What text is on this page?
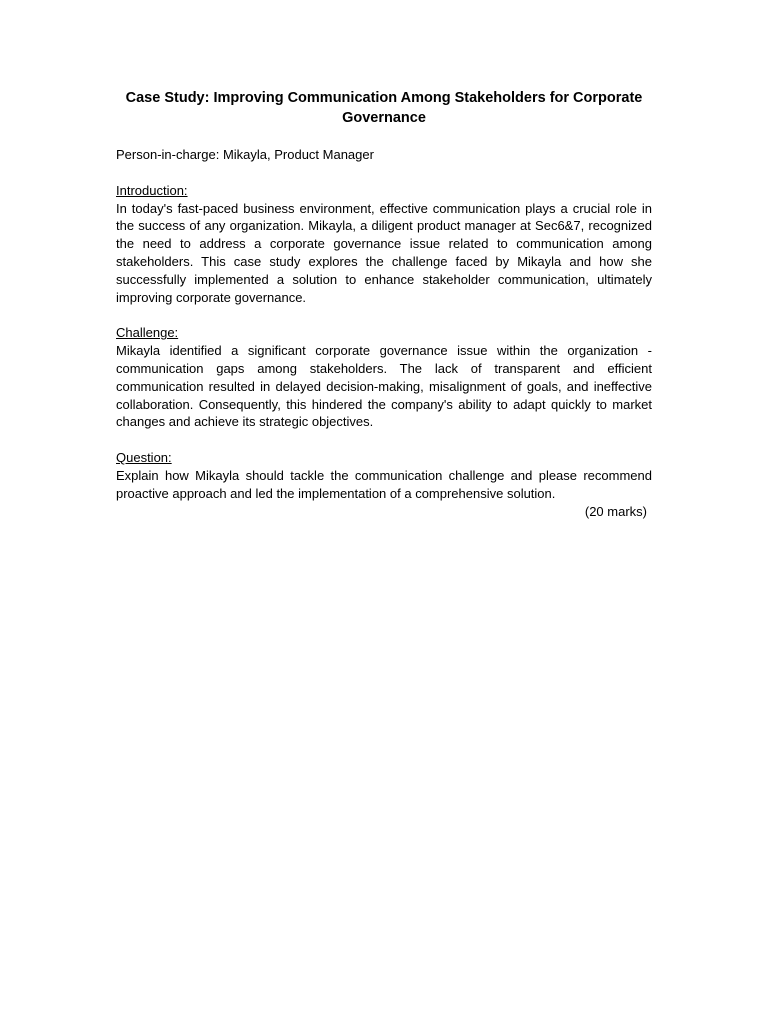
Case Study: Improving Communication Among Stakeholders for Corporate Governance
Person-in-charge: Mikayla, Product Manager
Introduction:
In today's fast-paced business environment, effective communication plays a crucial role in the success of any organization. Mikayla, a diligent product manager at Sec6&7, recognized the need to address a corporate governance issue related to communication among stakeholders. This case study explores the challenge faced by Mikayla and how she successfully implemented a solution to enhance stakeholder communication, ultimately improving corporate governance.
Challenge:
Mikayla identified a significant corporate governance issue within the organization - communication gaps among stakeholders. The lack of transparent and efficient communication resulted in delayed decision-making, misalignment of goals, and ineffective collaboration. Consequently, this hindered the company's ability to adapt quickly to market changes and achieve its strategic objectives.
Question:
Explain how Mikayla should tackle the communication challenge and please recommend proactive approach and led the implementation of a comprehensive solution.
(20 marks)
